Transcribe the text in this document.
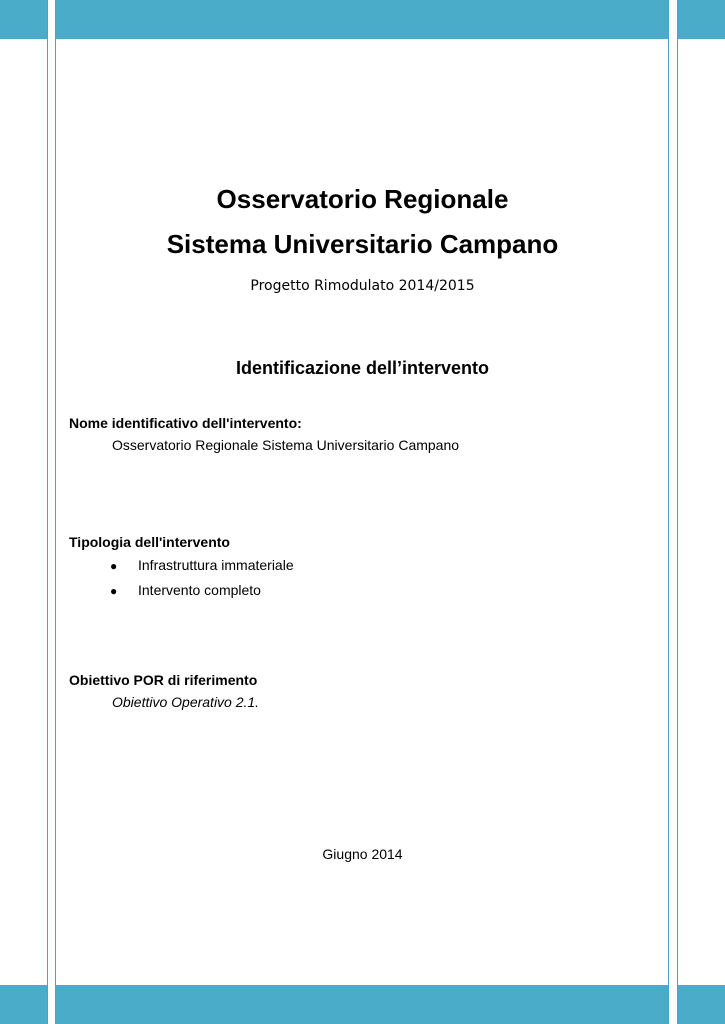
Osservatorio Regionale
Sistema Universitario Campano

Progetto Rimodulato 2014/2015

Identificazione dell’intervento

Nome identificativo dell'intervento:

Osservatorio Regionale Sistema Universitario Campano

Tipologia dell'intervento

● Infrastruttura immateriale
● Intervento completo

Obiettivo POR di riferimento

Obiettivo Operativo 2.1.

Giugno 2014
